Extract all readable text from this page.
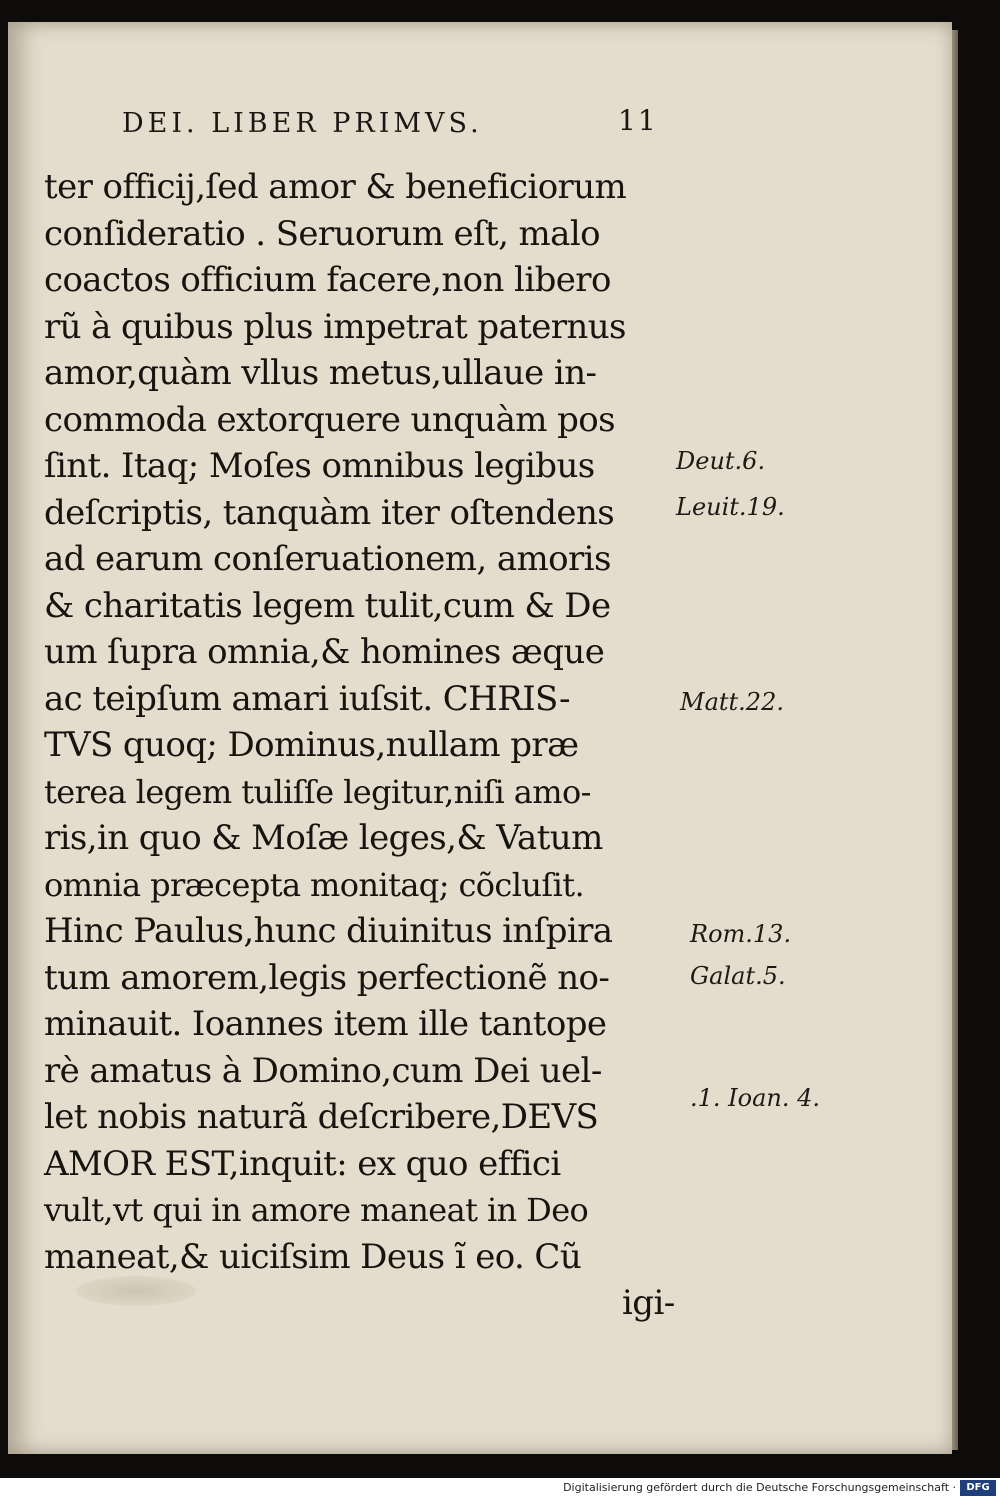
DEI. LIBER PRIMVS.	11
ter officij,ſed amor & beneficiorum
conſideratio . Seruorum eſt, malo
coactos officium facere,non libero
rũ à quibus plus impetrat paternus
amor,quàm vllus metus,ullaue in-
commoda extorquere unquàm pos
ſint. Itaq; Moſes omnibus legibus
deſcriptis, tanquàm iter oſtendens
ad earum conſeruationem, amoris
& charitatis legem tulit,cum & De
um ſupra omnia,& homines æque
ac teipſum amari iuſsit. CHRIS-
TVS quoq; Dominus,nullam præ
terea legem tuliſſe legitur,niſi amo-
ris,in quo & Moſæ leges,& Vatum
omnia præcepta monitaq; cõcluſit.
Hinc Paulus,hunc diuinitus inſpira
tum amorem,legis perfectionẽ no-
minauit. Ioannes item ille tantope
rè amatus à Domino,cum Dei uel-
let nobis naturã deſcribere,DEVS
AMOR EST,inquit: ex quo effici
vult,vt qui in amore maneat in Deo
maneat,& uiciſsim Deus ĩ eo. Cũ
igi-
Deut.6.
Leuit.19.
Matt.22.
Rom.13.
Galat.5.
.1. Ioan. 4.
Digitalisierung gefördert durch die Deutsche Forschungsgemeinschaft ·	DFG
